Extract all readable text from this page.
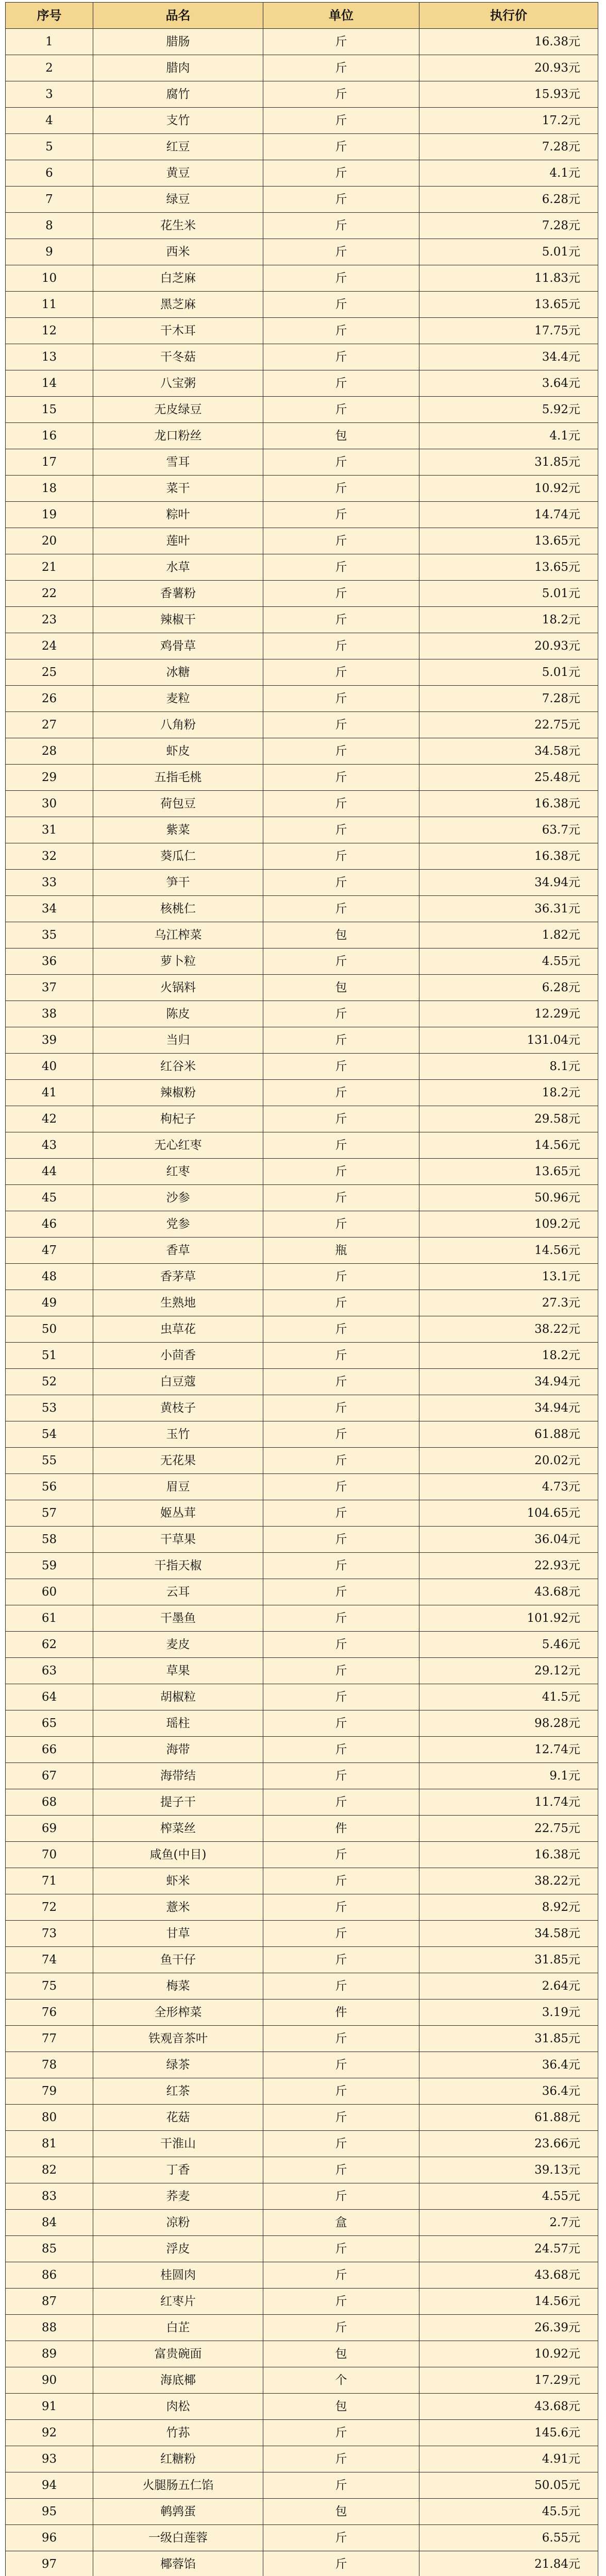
序号	品名	单位	执行价
1	腊肠	斤	16.38元
2	腊肉	斤	20.93元
3	腐竹	斤	15.93元
4	支竹	斤	17.2元
5	红豆	斤	7.28元
6	黄豆	斤	4.1元
7	绿豆	斤	6.28元
8	花生米	斤	7.28元
9	西米	斤	5.01元
10	白芝麻	斤	11.83元
11	黑芝麻	斤	13.65元
12	干木耳	斤	17.75元
13	干冬菇	斤	34.4元
14	八宝粥	斤	3.64元
15	无皮绿豆	斤	5.92元
16	龙口粉丝	包	4.1元
17	雪耳	斤	31.85元
18	菜干	斤	10.92元
19	粽叶	斤	14.74元
20	莲叶	斤	13.65元
21	水草	斤	13.65元
22	香薯粉	斤	5.01元
23	辣椒干	斤	18.2元
24	鸡骨草	斤	20.93元
25	冰糖	斤	5.01元
26	麦粒	斤	7.28元
27	八角粉	斤	22.75元
28	虾皮	斤	34.58元
29	五指毛桃	斤	25.48元
30	荷包豆	斤	16.38元
31	紫菜	斤	63.7元
32	葵瓜仁	斤	16.38元
33	笋干	斤	34.94元
34	核桃仁	斤	36.31元
35	乌江榨菜	包	1.82元
36	萝卜粒	斤	4.55元
37	火锅料	包	6.28元
38	陈皮	斤	12.29元
39	当归	斤	131.04元
40	红谷米	斤	8.1元
41	辣椒粉	斤	18.2元
42	枸杞子	斤	29.58元
43	无心红枣	斤	14.56元
44	红枣	斤	13.65元
45	沙参	斤	50.96元
46	党参	斤	109.2元
47	香草	瓶	14.56元
48	香茅草	斤	13.1元
49	生熟地	斤	27.3元
50	虫草花	斤	38.22元
51	小茴香	斤	18.2元
52	白豆蔻	斤	34.94元
53	黄枝子	斤	34.94元
54	玉竹	斤	61.88元
55	无花果	斤	20.02元
56	眉豆	斤	4.73元
57	姬丛茸	斤	104.65元
58	干草果	斤	36.04元
59	干指天椒	斤	22.93元
60	云耳	斤	43.68元
61	干墨鱼	斤	101.92元
62	麦皮	斤	5.46元
63	草果	斤	29.12元
64	胡椒粒	斤	41.5元
65	瑶柱	斤	98.28元
66	海带	斤	12.74元
67	海带结	斤	9.1元
68	提子干	斤	11.74元
69	榨菜丝	件	22.75元
70	咸鱼(中目)	斤	16.38元
71	虾米	斤	38.22元
72	薏米	斤	8.92元
73	甘草	斤	34.58元
74	鱼干仔	斤	31.85元
75	梅菜	斤	2.64元
76	全形榨菜	件	3.19元
77	铁观音茶叶	斤	31.85元
78	绿茶	斤	36.4元
79	红茶	斤	36.4元
80	花菇	斤	61.88元
81	干淮山	斤	23.66元
82	丁香	斤	39.13元
83	荞麦	斤	4.55元
84	凉粉	盒	2.7元
85	浮皮	斤	24.57元
86	桂圆肉	斤	43.68元
87	红枣片	斤	14.56元
88	白芷	斤	26.39元
89	富贵碗面	包	10.92元
90	海底椰	个	17.29元
91	肉松	包	43.68元
92	竹荪	斤	145.6元
93	红糖粉	斤	4.91元
94	火腿肠五仁馅	斤	50.05元
95	鹌鹑蛋	包	45.5元
96	一级白莲蓉	斤	6.55元
97	椰蓉馅	斤	21.84元
